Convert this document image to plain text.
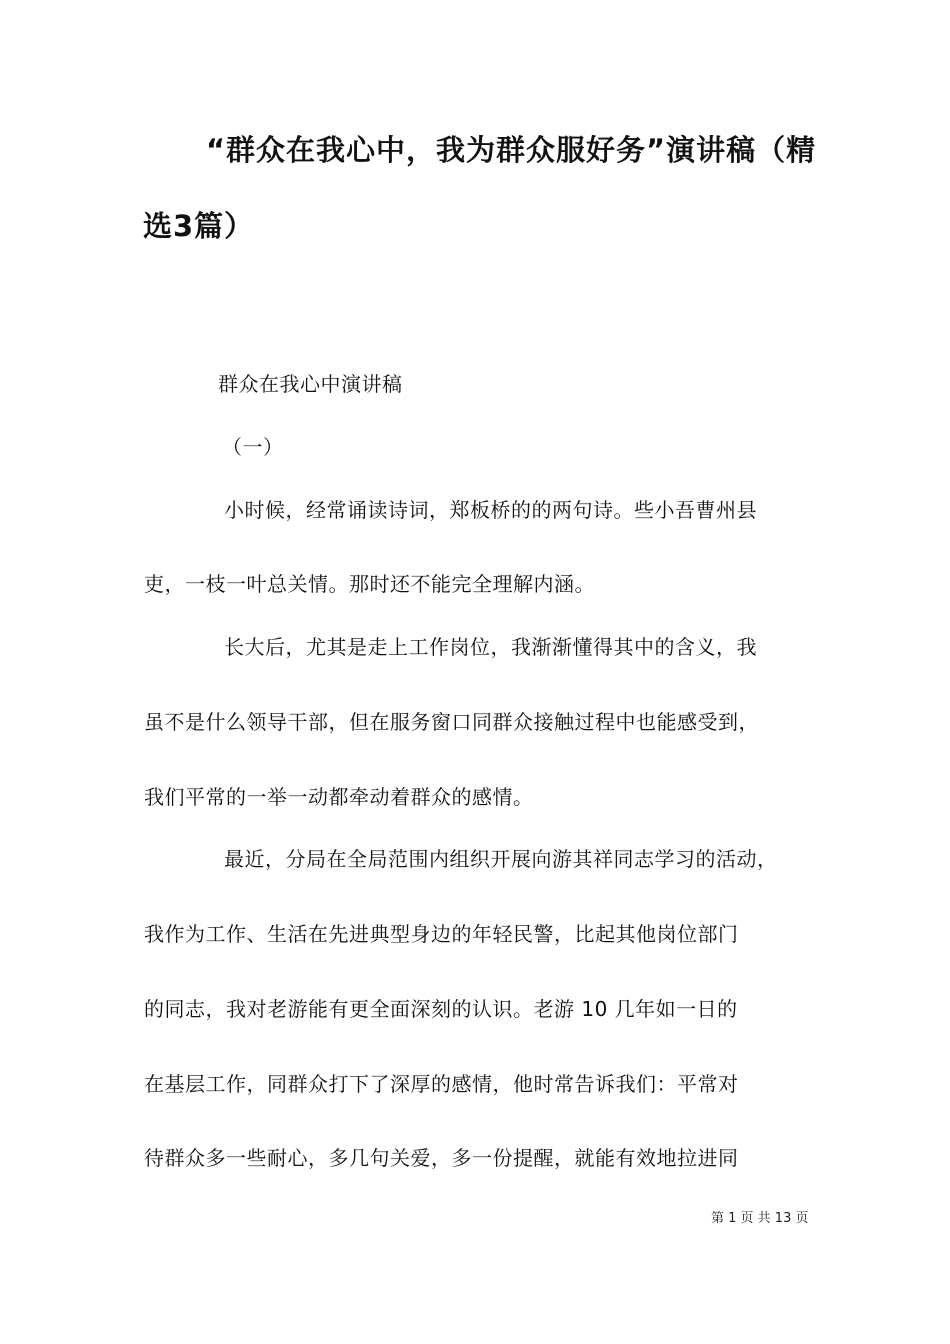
“群众在我心中，我为群众服好务”演讲稿（精
选3篇）
群众在我心中演讲稿
（一）
小时候，经常诵读诗词，郑板桥的的两句诗。些小吾曹州县
吏，一枝一叶总关情。那时还不能完全理解内涵。
长大后，尤其是走上工作岗位，我渐渐懂得其中的含义，我
虽不是什么领导干部，但在服务窗口同群众接触过程中也能感受到，
我们平常的一举一动都牵动着群众的感情。
最近，分局在全局范围内组织开展向游其祥同志学习的活动，
我作为工作、生活在先进典型身边的年轻民警，比起其他岗位部门
的同志，我对老游能有更全面深刻的认识。老游 10 几年如一日的
在基层工作，同群众打下了深厚的感情，他时常告诉我们：平常对
待群众多一些耐心，多几句关爱，多一份提醒，就能有效地拉进同
第 1 页 共 13 页
